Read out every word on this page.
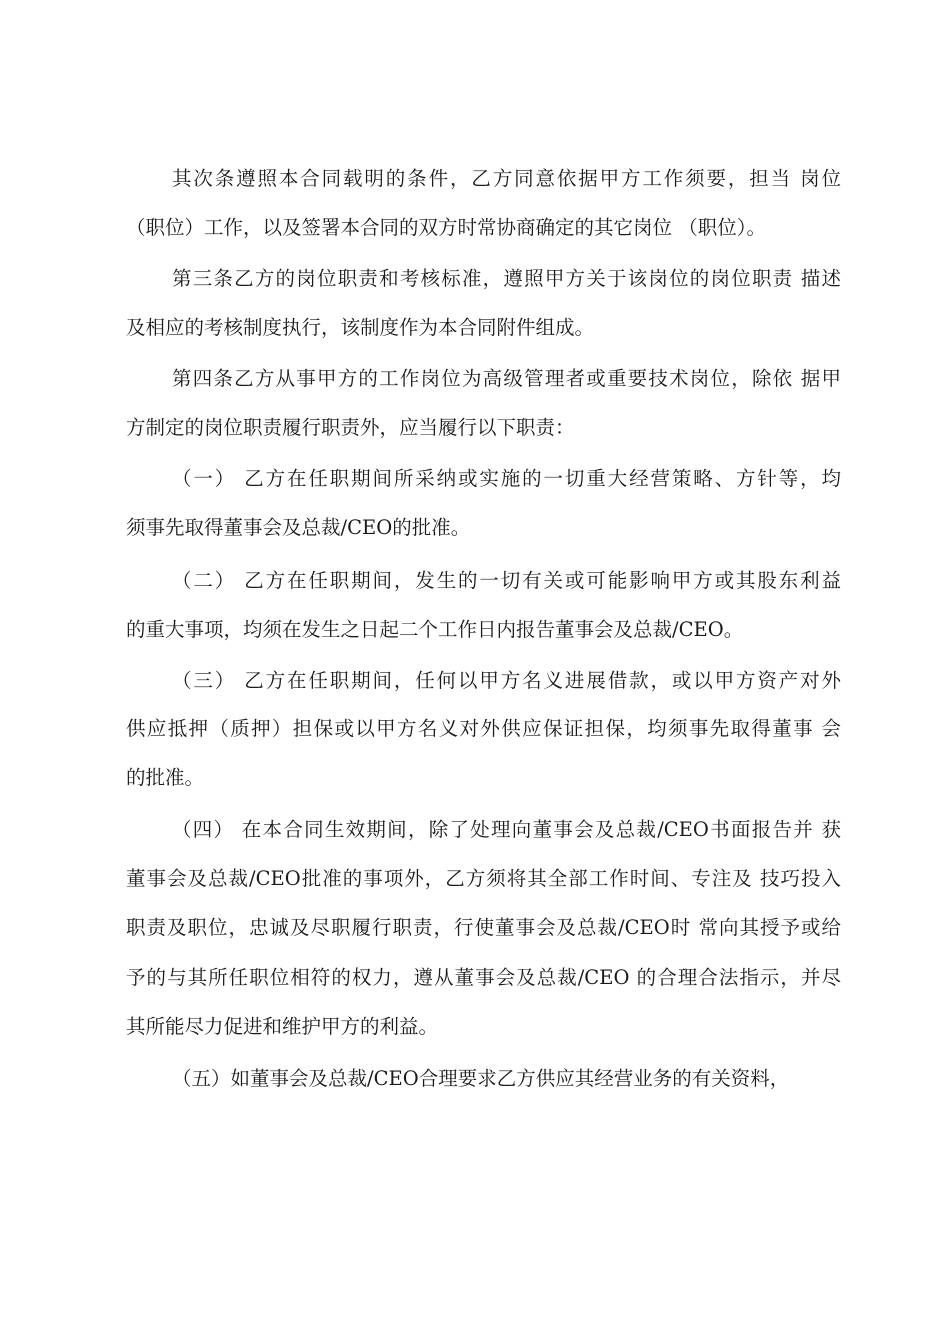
其次条遵照本合同载明的条件，乙方同意依据甲方工作须要，担当 岗位

（职位）工作，以及签署本合同的双方时常协商确定的其它岗位 （职位）。

第三条乙方的岗位职责和考核标准，遵照甲方关于该岗位的岗位职责 描述

及相应的考核制度执行，该制度作为本合同附件组成。

第四条乙方从事甲方的工作岗位为高级管理者或重要技术岗位，除依 据甲

方制定的岗位职责履行职责外，应当履行以下职责：

（一） 乙方在任职期间所采纳或实施的一切重大经营策略、方针等，均

须事先取得董事会及总裁/CEO的批准。

（二） 乙方在任职期间，发生的一切有关或可能影响甲方或其股东利益

的重大事项，均须在发生之日起二个工作日内报告董事会及总裁/CEO。

（三） 乙方在任职期间，任何以甲方名义进展借款，或以甲方资产对外

供应抵押（质押）担保或以甲方名义对外供应保证担保，均须事先取得董事 会

的批准。

（四） 在本合同生效期间，除了处理向董事会及总裁/CEO书面报告并 获

董事会及总裁/CEO批准的事项外，乙方须将其全部工作时间、专注及 技巧投入

职责及职位，忠诚及尽职履行职责，行使董事会及总裁/CEO时 常向其授予或给

予的与其所任职位相符的权力，遵从董事会及总裁/CEO 的合理合法指示，并尽

其所能尽力促进和维护甲方的利益。

（五）如董事会及总裁/CEO合理要求乙方供应其经营业务的有关资料，
